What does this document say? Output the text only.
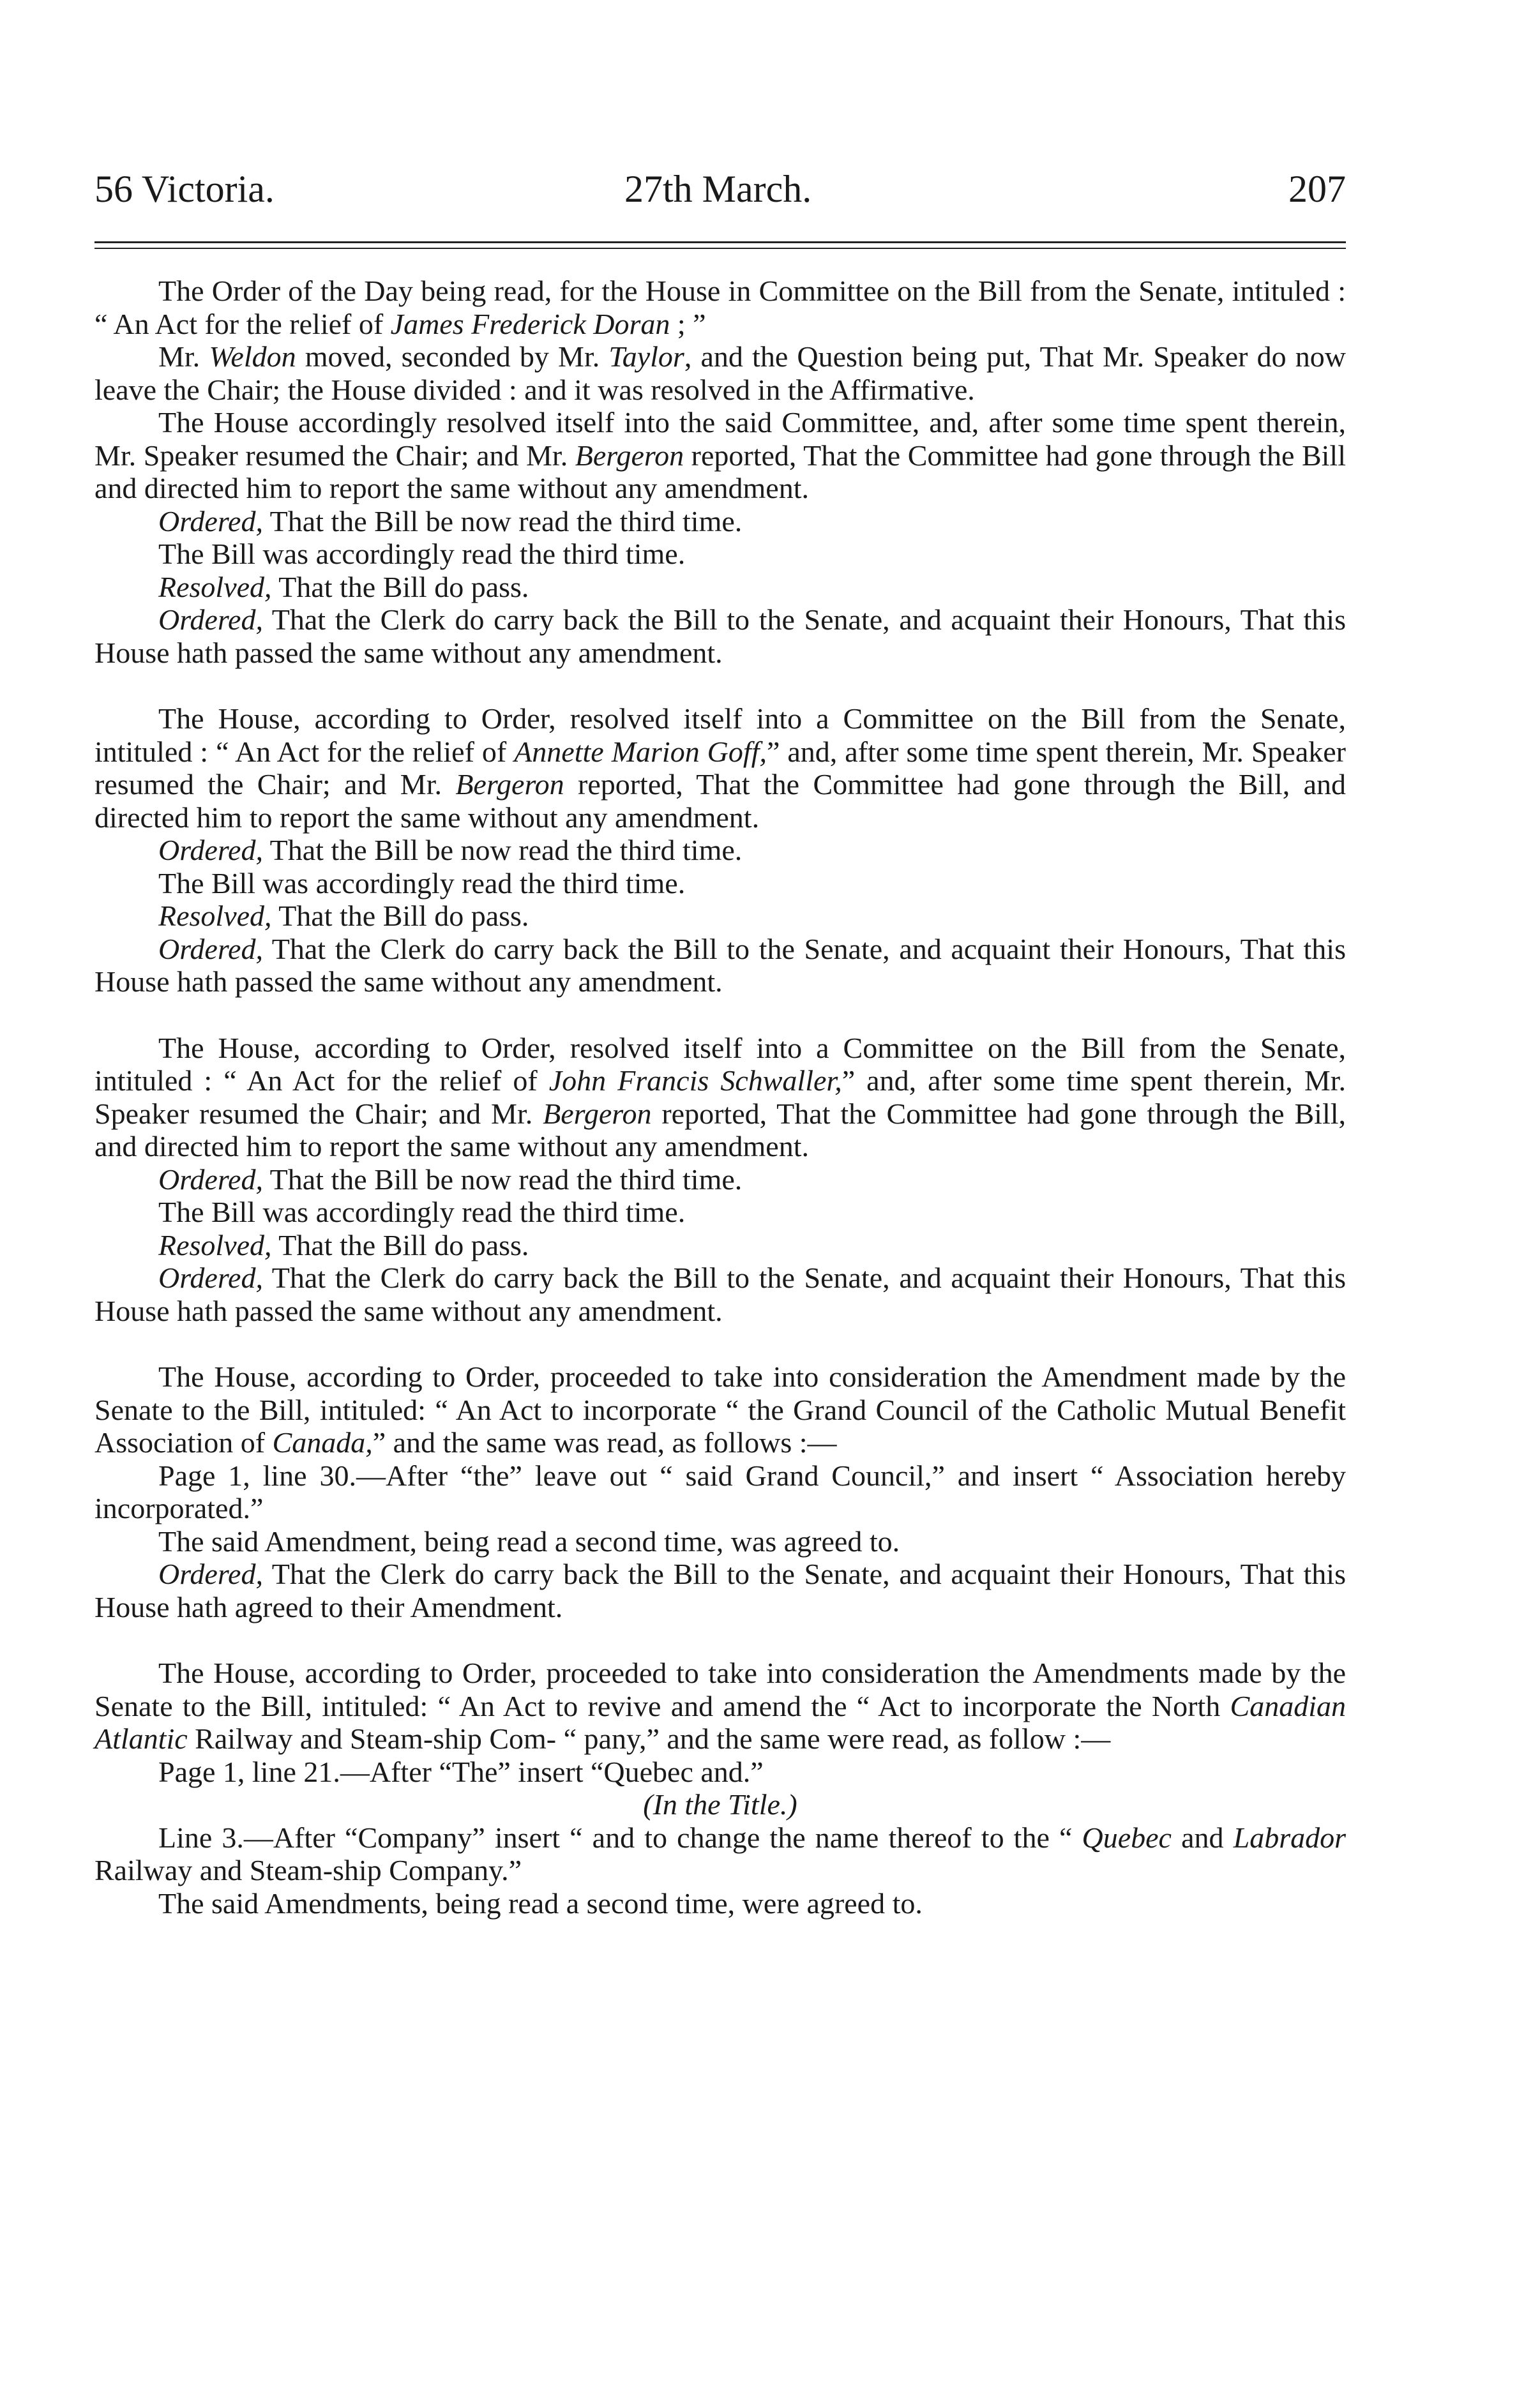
56 Victoria.	27th March.	207

The Order of the Day being read, for the House in Committee on the Bill from the Senate, intituled : “ An Act for the relief of James Frederick Doran ; ”

Mr. Weldon moved, seconded by Mr. Taylor, and the Question being put, That Mr. Speaker do now leave the Chair; the House divided : and it was resolved in the Affirmative.

The House accordingly resolved itself into the said Committee, and, after some time spent therein, Mr. Speaker resumed the Chair; and Mr. Bergeron reported, That the Committee had gone through the Bill and directed him to report the same without any amendment.

Ordered, That the Bill be now read the third time.

The Bill was accordingly read the third time.

Resolved, That the Bill do pass.

Ordered, That the Clerk do carry back the Bill to the Senate, and acquaint their Honours, That this House hath passed the same without any amendment.

The House, according to Order, resolved itself into a Committee on the Bill from the Senate, intituled : “ An Act for the relief of Annette Marion Goff,” and, after some time spent therein, Mr. Speaker resumed the Chair; and Mr. Bergeron reported, That the Committee had gone through the Bill, and directed him to report the same without any amendment.

Ordered, That the Bill be now read the third time.

The Bill was accordingly read the third time.

Resolved, That the Bill do pass.

Ordered, That the Clerk do carry back the Bill to the Senate, and acquaint their Honours, That this House hath passed the same without any amendment.

The House, according to Order, resolved itself into a Committee on the Bill from the Senate, intituled : “ An Act for the relief of John Francis Schwaller,” and, after some time spent therein, Mr. Speaker resumed the Chair; and Mr. Bergeron reported, That the Committee had gone through the Bill, and directed him to report the same without any amendment.

Ordered, That the Bill be now read the third time.

The Bill was accordingly read the third time.

Resolved, That the Bill do pass.

Ordered, That the Clerk do carry back the Bill to the Senate, and acquaint their Honours, That this House hath passed the same without any amendment.

The House, according to Order, proceeded to take into consideration the Amendment made by the Senate to the Bill, intituled: “ An Act to incorporate “ the Grand Council of the Catholic Mutual Benefit Association of Canada,” and the same was read, as follows :—

Page 1, line 30.—After “the” leave out “ said Grand Council,” and insert “ Association hereby incorporated.”

The said Amendment, being read a second time, was agreed to.

Ordered, That the Clerk do carry back the Bill to the Senate, and acquaint their Honours, That this House hath agreed to their Amendment.

The House, according to Order, proceeded to take into consideration the Amendments made by the Senate to the Bill, intituled: “ An Act to revive and amend the “ Act to incorporate the North Canadian Atlantic Railway and Steam-ship Com- “ pany,” and the same were read, as follow :—

Page 1, line 21.—After “The” insert “Quebec and.”

(In the Title.)

Line 3.—After “Company” insert “ and to change the name thereof to the “ Quebec and Labrador Railway and Steam-ship Company.”

The said Amendments, being read a second time, were agreed to.
